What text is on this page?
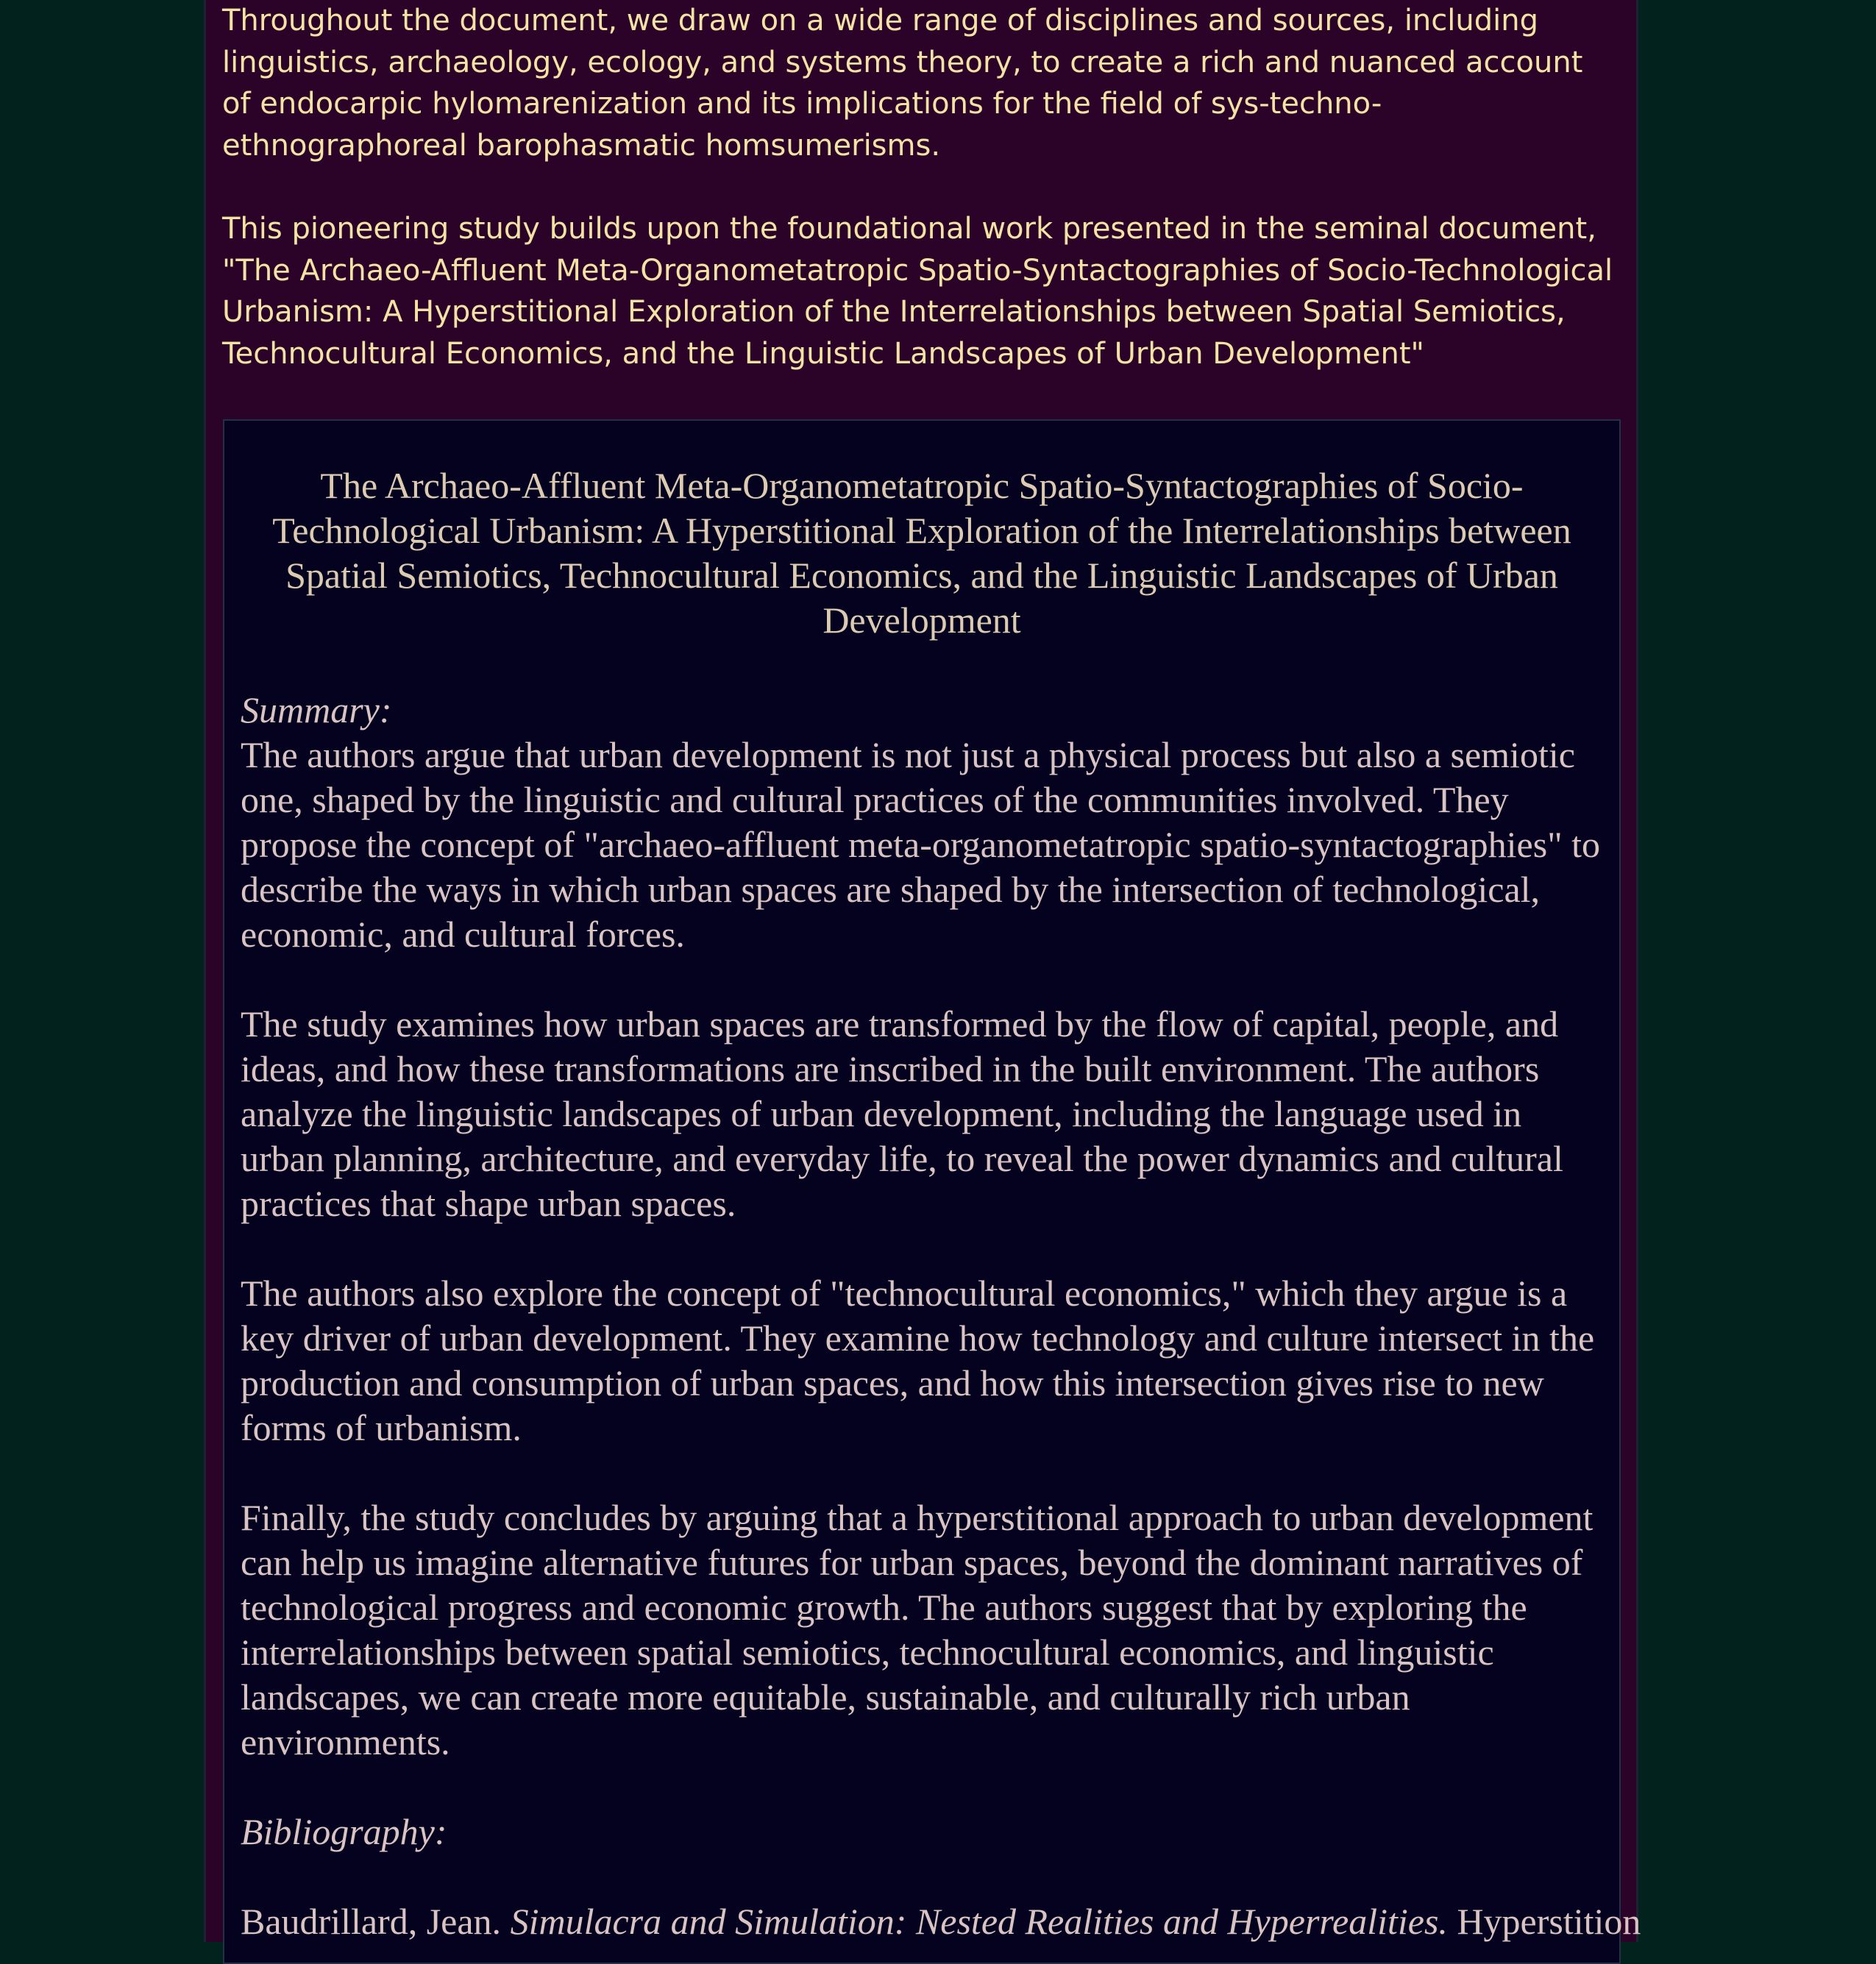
Throughout the document, we draw on a wide range of disciplines and sources, including linguistics, archaeology, ecology, and systems theory, to create a rich and nuanced account of endocarpic hylomarenization and its implications for the field of sys-techno-ethnographoreal barophasmatic homsumerisms.

This pioneering study builds upon the foundational work presented in the seminal document, "The Archaeo-Affluent Meta-Organometatropic Spatio-Syntactographies of Socio-Technological Urbanism: A Hyperstitional Exploration of the Interrelationships between Spatial Semiotics, Technocultural Economics, and the Linguistic Landscapes of Urban Development"

The Archaeo-Affluent Meta-Organometatropic Spatio-Syntactographies of Socio-Technological Urbanism: A Hyperstitional Exploration of the Interrelationships between Spatial Semiotics, Technocultural Economics, and the Linguistic Landscapes of Urban Development

Summary:

The authors argue that urban development is not just a physical process but also a semiotic one, shaped by the linguistic and cultural practices of the communities involved. They propose the concept of "archaeo-affluent meta-organometatropic spatio-syntactographies" to describe the ways in which urban spaces are shaped by the intersection of technological, economic, and cultural forces.

The study examines how urban spaces are transformed by the flow of capital, people, and ideas, and how these transformations are inscribed in the built environment. The authors analyze the linguistic landscapes of urban development, including the language used in urban planning, architecture, and everyday life, to reveal the power dynamics and cultural practices that shape urban spaces.

The authors also explore the concept of "technocultural economics," which they argue is a key driver of urban development. They examine how technology and culture intersect in the production and consumption of urban spaces, and how this intersection gives rise to new forms of urbanism.

Finally, the study concludes by arguing that a hyperstitional approach to urban development can help us imagine alternative futures for urban spaces, beyond the dominant narratives of technological progress and economic growth. The authors suggest that by exploring the interrelationships between spatial semiotics, technocultural economics, and linguistic landscapes, we can create more equitable, sustainable, and culturally rich urban environments.

Bibliography:

Baudrillard, Jean. Simulacra and Simulation: Nested Realities and Hyperrealities. Hyperstition
